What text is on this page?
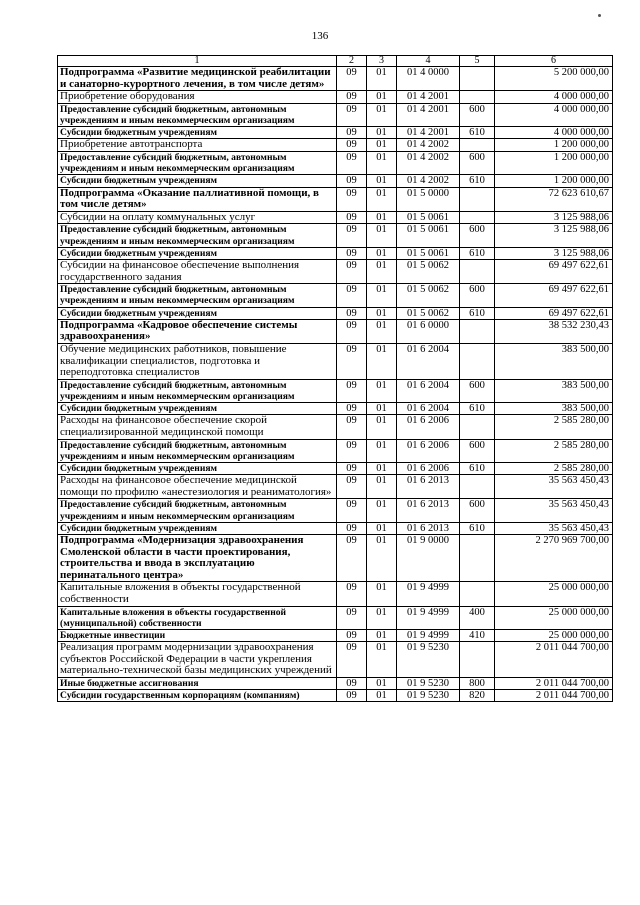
136
1	2	3	4	5	6
Подпрограмма «Развитие медицинской реабилитации и санаторно-курортного лечения, в том числе детям»	09	01	01 4 0000		5 200 000,00
Приобретение оборудования	09	01	01 4 2001		4 000 000,00
Предоставление субсидий бюджетным, автономным учреждениям и иным некоммерческим организациям	09	01	01 4 2001	600	4 000 000,00
Субсидии бюджетным учреждениям	09	01	01 4 2001	610	4 000 000,00
Приобретение автотранспорта	09	01	01 4 2002		1 200 000,00
Предоставление субсидий бюджетным, автономным учреждениям и иным некоммерческим организациям	09	01	01 4 2002	600	1 200 000,00
Субсидии бюджетным учреждениям	09	01	01 4 2002	610	1 200 000,00
Подпрограмма «Оказание паллиативной помощи, в том числе детям»	09	01	01 5 0000		72 623 610,67
Субсидии на оплату коммунальных услуг	09	01	01 5 0061		3 125 988,06
Предоставление субсидий бюджетным, автономным учреждениям и иным некоммерческим организациям	09	01	01 5 0061	600	3 125 988,06
Субсидии бюджетным учреждениям	09	01	01 5 0061	610	3 125 988,06
Субсидии на финансовое обеспечение выполнения государственного задания	09	01	01 5 0062		69 497 622,61
Предоставление субсидий бюджетным, автономным учреждениям и иным некоммерческим организациям	09	01	01 5 0062	600	69 497 622,61
Субсидии бюджетным учреждениям	09	01	01 5 0062	610	69 497 622,61
Подпрограмма «Кадровое обеспечение системы здравоохранения»	09	01	01 6 0000		38 532 230,43
Обучение медицинских работников, повышение квалификации специалистов, подготовка и переподготовка специалистов	09	01	01 6 2004		383 500,00
Предоставление субсидий бюджетным, автономным учреждениям и иным некоммерческим организациям	09	01	01 6 2004	600	383 500,00
Субсидии бюджетным учреждениям	09	01	01 6 2004	610	383 500,00
Расходы на финансовое обеспечение скорой специализированной медицинской помощи	09	01	01 6 2006		2 585 280,00
Предоставление субсидий бюджетным, автономным учреждениям и иным некоммерческим организациям	09	01	01 6 2006	600	2 585 280,00
Субсидии бюджетным учреждениям	09	01	01 6 2006	610	2 585 280,00
Расходы на финансовое обеспечение медицинской помощи по профилю «анестезиология и реаниматология»	09	01	01 6 2013		35 563 450,43
Предоставление субсидий бюджетным, автономным учреждениям и иным некоммерческим организациям	09	01	01 6 2013	600	35 563 450,43
Субсидии бюджетным учреждениям	09	01	01 6 2013	610	35 563 450,43
Подпрограмма «Модернизация здравоохранения Смоленской области в части проектирования, строительства и ввода в эксплуатацию перинатального центра»	09	01	01 9 0000		2 270 969 700,00
Капитальные вложения в объекты государственной собственности	09	01	01 9 4999		25 000 000,00
Капитальные вложения в объекты государственной (муниципальной) собственности	09	01	01 9 4999	400	25 000 000,00
Бюджетные инвестиции	09	01	01 9 4999	410	25 000 000,00
Реализация программ модернизации здравоохранения субъектов Российской Федерации в части укрепления материально-технической базы медицинских учреждений	09	01	01 9 5230		2 011 044 700,00
Иные бюджетные ассигнования	09	01	01 9 5230	800	2 011 044 700,00
Субсидии государственным корпорациям (компаниям)	09	01	01 9 5230	820	2 011 044 700,00
